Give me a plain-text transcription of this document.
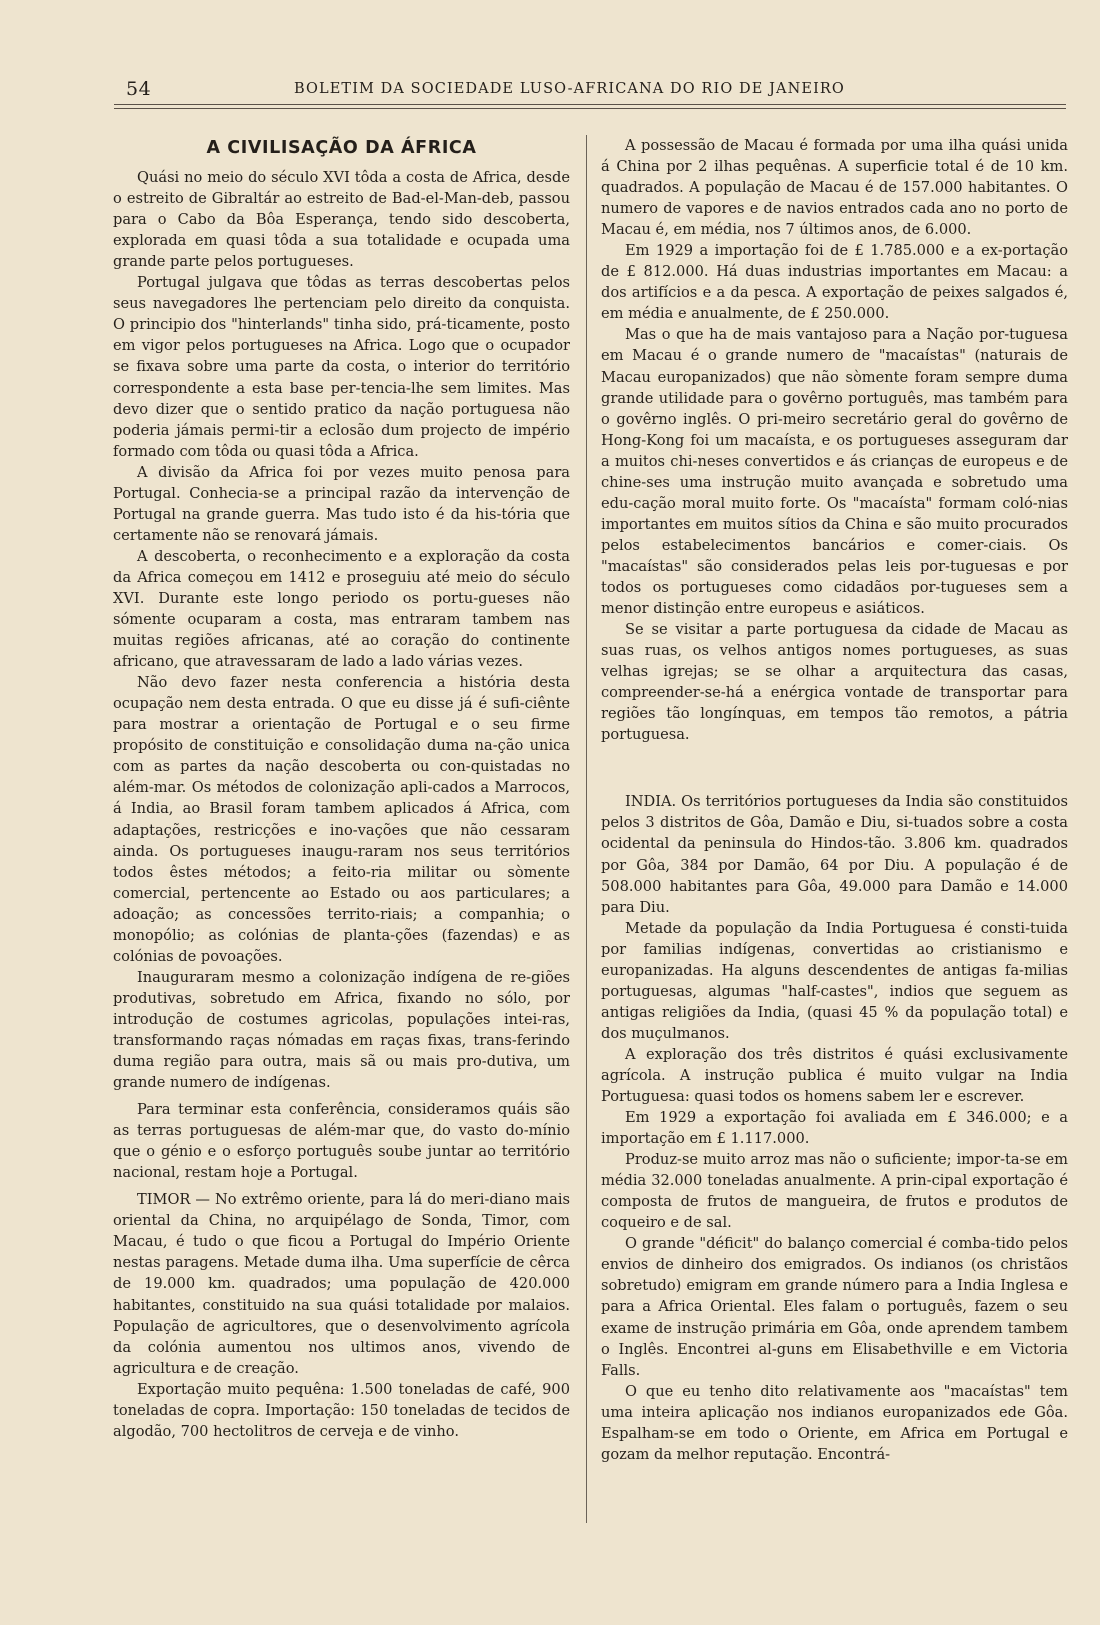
54	BOLETIM DA SOCIEDADE LUSO-AFRICANA DO RIO DE JANEIRO
A CIVILISAÇÃO DA ÁFRICA

Quási no meio do século XVI tôda a costa de Africa, desde o estreito de Gibraltár ao estreito de Bad-el-Man-deb, passou para o Cabo da Bôa Esperança, tendo sido descoberta, explorada em quasi tôda a sua totalidade e ocupada uma grande parte pelos portugueses.

Portugal julgava que tôdas as terras descobertas pelos seus navegadores lhe pertenciam pelo direito da conquista. O principio dos "hinterlands" tinha sido, prá-ticamente, posto em vigor pelos portugueses na Africa. Logo que o ocupador se fixava sobre uma parte da costa, o interior do território correspondente a esta base per-tencia-lhe sem limites. Mas devo dizer que o sentido pratico da nação portuguesa não poderia jámais permi-tir a eclosão dum projecto de império formado com tôda ou quasi tôda a Africa.

A divisão da Africa foi por vezes muito penosa para Portugal. Conhecia-se a principal razão da intervenção de Portugal na grande guerra. Mas tudo isto é da his-tória que certamente não se renovará jámais.

A descoberta, o reconhecimento e a exploração da costa da Africa começou em 1412 e proseguiu até meio do século XVI. Durante este longo periodo os portu-gueses não sómente ocuparam a costa, mas entraram tambem nas muitas regiões africanas, até ao coração do continente africano, que atravessaram de lado a lado várias vezes.

Não devo fazer nesta conferencia a história desta ocupação nem desta entrada. O que eu disse já é sufi-ciênte para mostrar a orientação de Portugal e o seu firme propósito de constituição e consolidação duma na-ção unica com as partes da nação descoberta ou con-quistadas no além-mar. Os métodos de colonização apli-cados a Marrocos, á India, ao Brasil foram tambem aplicados á Africa, com adaptações, restricções e ino-vações que não cessaram ainda. Os portugueses inaugu-raram nos seus territórios todos êstes métodos; a feito-ria militar ou sòmente comercial, pertencente ao Estado ou aos particulares; a adoação; as concessões territo-riais; a companhia; o monopólio; as colónias de planta-ções (fazendas) e as colónias de povoações.

Inauguraram mesmo a colonização indígena de re-giões produtivas, sobretudo em Africa, fixando no sólo, por introdução de costumes agricolas, populações intei-ras, transformando raças nómadas em raças fixas, trans-ferindo duma região para outra, mais sã ou mais pro-dutiva, um grande numero de indígenas.

Para terminar esta conferência, consideramos quáis são as terras portuguesas de além-mar que, do vasto do-mínio que o génio e o esforço português soube juntar ao território nacional, restam hoje a Portugal.

TIMOR — No extrêmo oriente, para lá do meri-diano mais oriental da China, no arquipélago de Sonda, Timor, com Macau, é tudo o que ficou a Portugal do Império Oriente nestas paragens. Metade duma ilha. Uma superfície de cêrca de 19.000 km. quadrados; uma população de 420.000 habitantes, constituido na sua quási totalidade por malaios. População de agricultores, que o desenvolvimento agrícola da colónia aumentou nos ultimos anos, vivendo de agricultura e de creação.

Exportação muito pequêna: 1.500 toneladas de café, 900 toneladas de copra. Importação: 150 toneladas de tecidos de algodão, 700 hectolitros de cerveja e de vinho.

A possessão de Macau é formada por uma ilha quási unida á China por 2 ilhas pequênas. A superficie total é de 10 km. quadrados. A população de Macau é de 157.000 habitantes. O numero de vapores e de navios entrados cada ano no porto de Macau é, em média, nos 7 últimos anos, de 6.000.

Em 1929 a importação foi de £ 1.785.000 e a ex-portação de £ 812.000. Há duas industrias importantes em Macau: a dos artifícios e a da pesca. A exportação de peixes salgados é, em média e anualmente, de £ 250.000.

Mas o que ha de mais vantajoso para a Nação por-tuguesa em Macau é o grande numero de "macaístas" (naturais de Macau europanizados) que não sòmente foram sempre duma grande utilidade para o govêrno português, mas também para o govêrno inglês. O pri-meiro secretário geral do govêrno de Hong-Kong foi um macaísta, e os portugueses asseguram dar a muitos chi-neses convertidos e ás crianças de europeus e de chine-ses uma instrução muito avançada e sobretudo uma edu-cação moral muito forte. Os "macaísta" formam coló-nias importantes em muitos sítios da China e são muito procurados pelos estabelecimentos bancários e comer-ciais. Os "macaístas" são considerados pelas leis por-tuguesas e por todos os portugueses como cidadãos por-tugueses sem a menor distinção entre europeus e asiáticos.

Se se visitar a parte portuguesa da cidade de Macau as suas ruas, os velhos antigos nomes portugueses, as suas velhas igrejas; se se olhar a arquitectura das casas, compreender-se-há a enérgica vontade de transportar para regiões tão longínquas, em tempos tão remotos, a pátria portuguesa.

INDIA. Os territórios portugueses da India são constituidos pelos 3 distritos de Gôa, Damão e Diu, si-tuados sobre a costa ocidental da peninsula do Hindos-tão. 3.806 km. quadrados por Gôa, 384 por Damão, 64 por Diu. A população é de 508.000 habitantes para Gôa, 49.000 para Damão e 14.000 para Diu.

Metade da população da India Portuguesa é consti-tuida por familias indígenas, convertidas ao cristianismo e europanizadas. Ha alguns descendentes de antigas fa-milias portuguesas, algumas "half-castes", indios que seguem as antigas religiões da India, (quasi 45 % da população total) e dos muçulmanos.

A exploração dos três distritos é quási exclusivamente agrícola. A instrução publica é muito vulgar na India Portuguesa: quasi todos os homens sabem ler e escrever.

Em 1929 a exportação foi avaliada em £ 346.000; e a importação em £ 1.117.000.

Produz-se muito arroz mas não o suficiente; impor-ta-se em média 32.000 toneladas anualmente. A prin-cipal exportação é composta de frutos de mangueira, de frutos e produtos de coqueiro e de sal.

O grande "déficit" do balanço comercial é comba-tido pelos envios de dinheiro dos emigrados. Os indianos (os christãos sobretudo) emigram em grande número para a India Inglesa e para a Africa Oriental. Eles falam o português, fazem o seu exame de instrução primária em Gôa, onde aprendem tambem o Inglês. Encontrei al-guns em Elisabethville e em Victoria Falls.

O que eu tenho dito relativamente aos "macaístas" tem uma inteira aplicação nos indianos europanizados ede Gôa. Espalham-se em todo o Oriente, em Africa em Portugal e gozam da melhor reputação. Encontrá-
